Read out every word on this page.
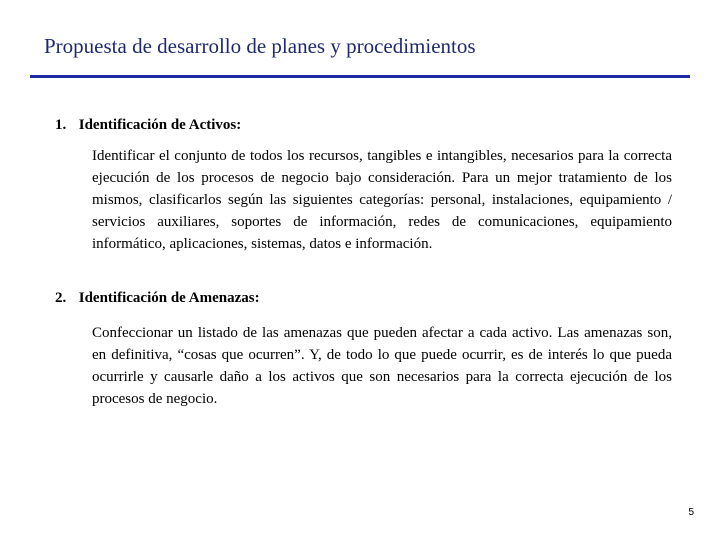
Propuesta de desarrollo de planes y procedimientos

1. Identificación de Activos:

Identificar el conjunto de todos los recursos, tangibles e intangibles, necesarios para la correcta ejecución de los procesos de negocio bajo consideración. Para un mejor tratamiento de los mismos, clasificarlos según las siguientes categorías: personal, instalaciones, equipamiento / servicios auxiliares, soportes de información, redes de comunicaciones, equipamiento informático, aplicaciones, sistemas, datos e información.

2. Identificación de Amenazas:

Confeccionar un listado de las amenazas que pueden afectar a cada activo. Las amenazas son, en definitiva, “cosas que ocurren”. Y, de todo lo que puede ocurrir, es de interés lo que pueda ocurrirle y causarle daño a los activos que son necesarios para la correcta ejecución de los procesos de negocio.

5
